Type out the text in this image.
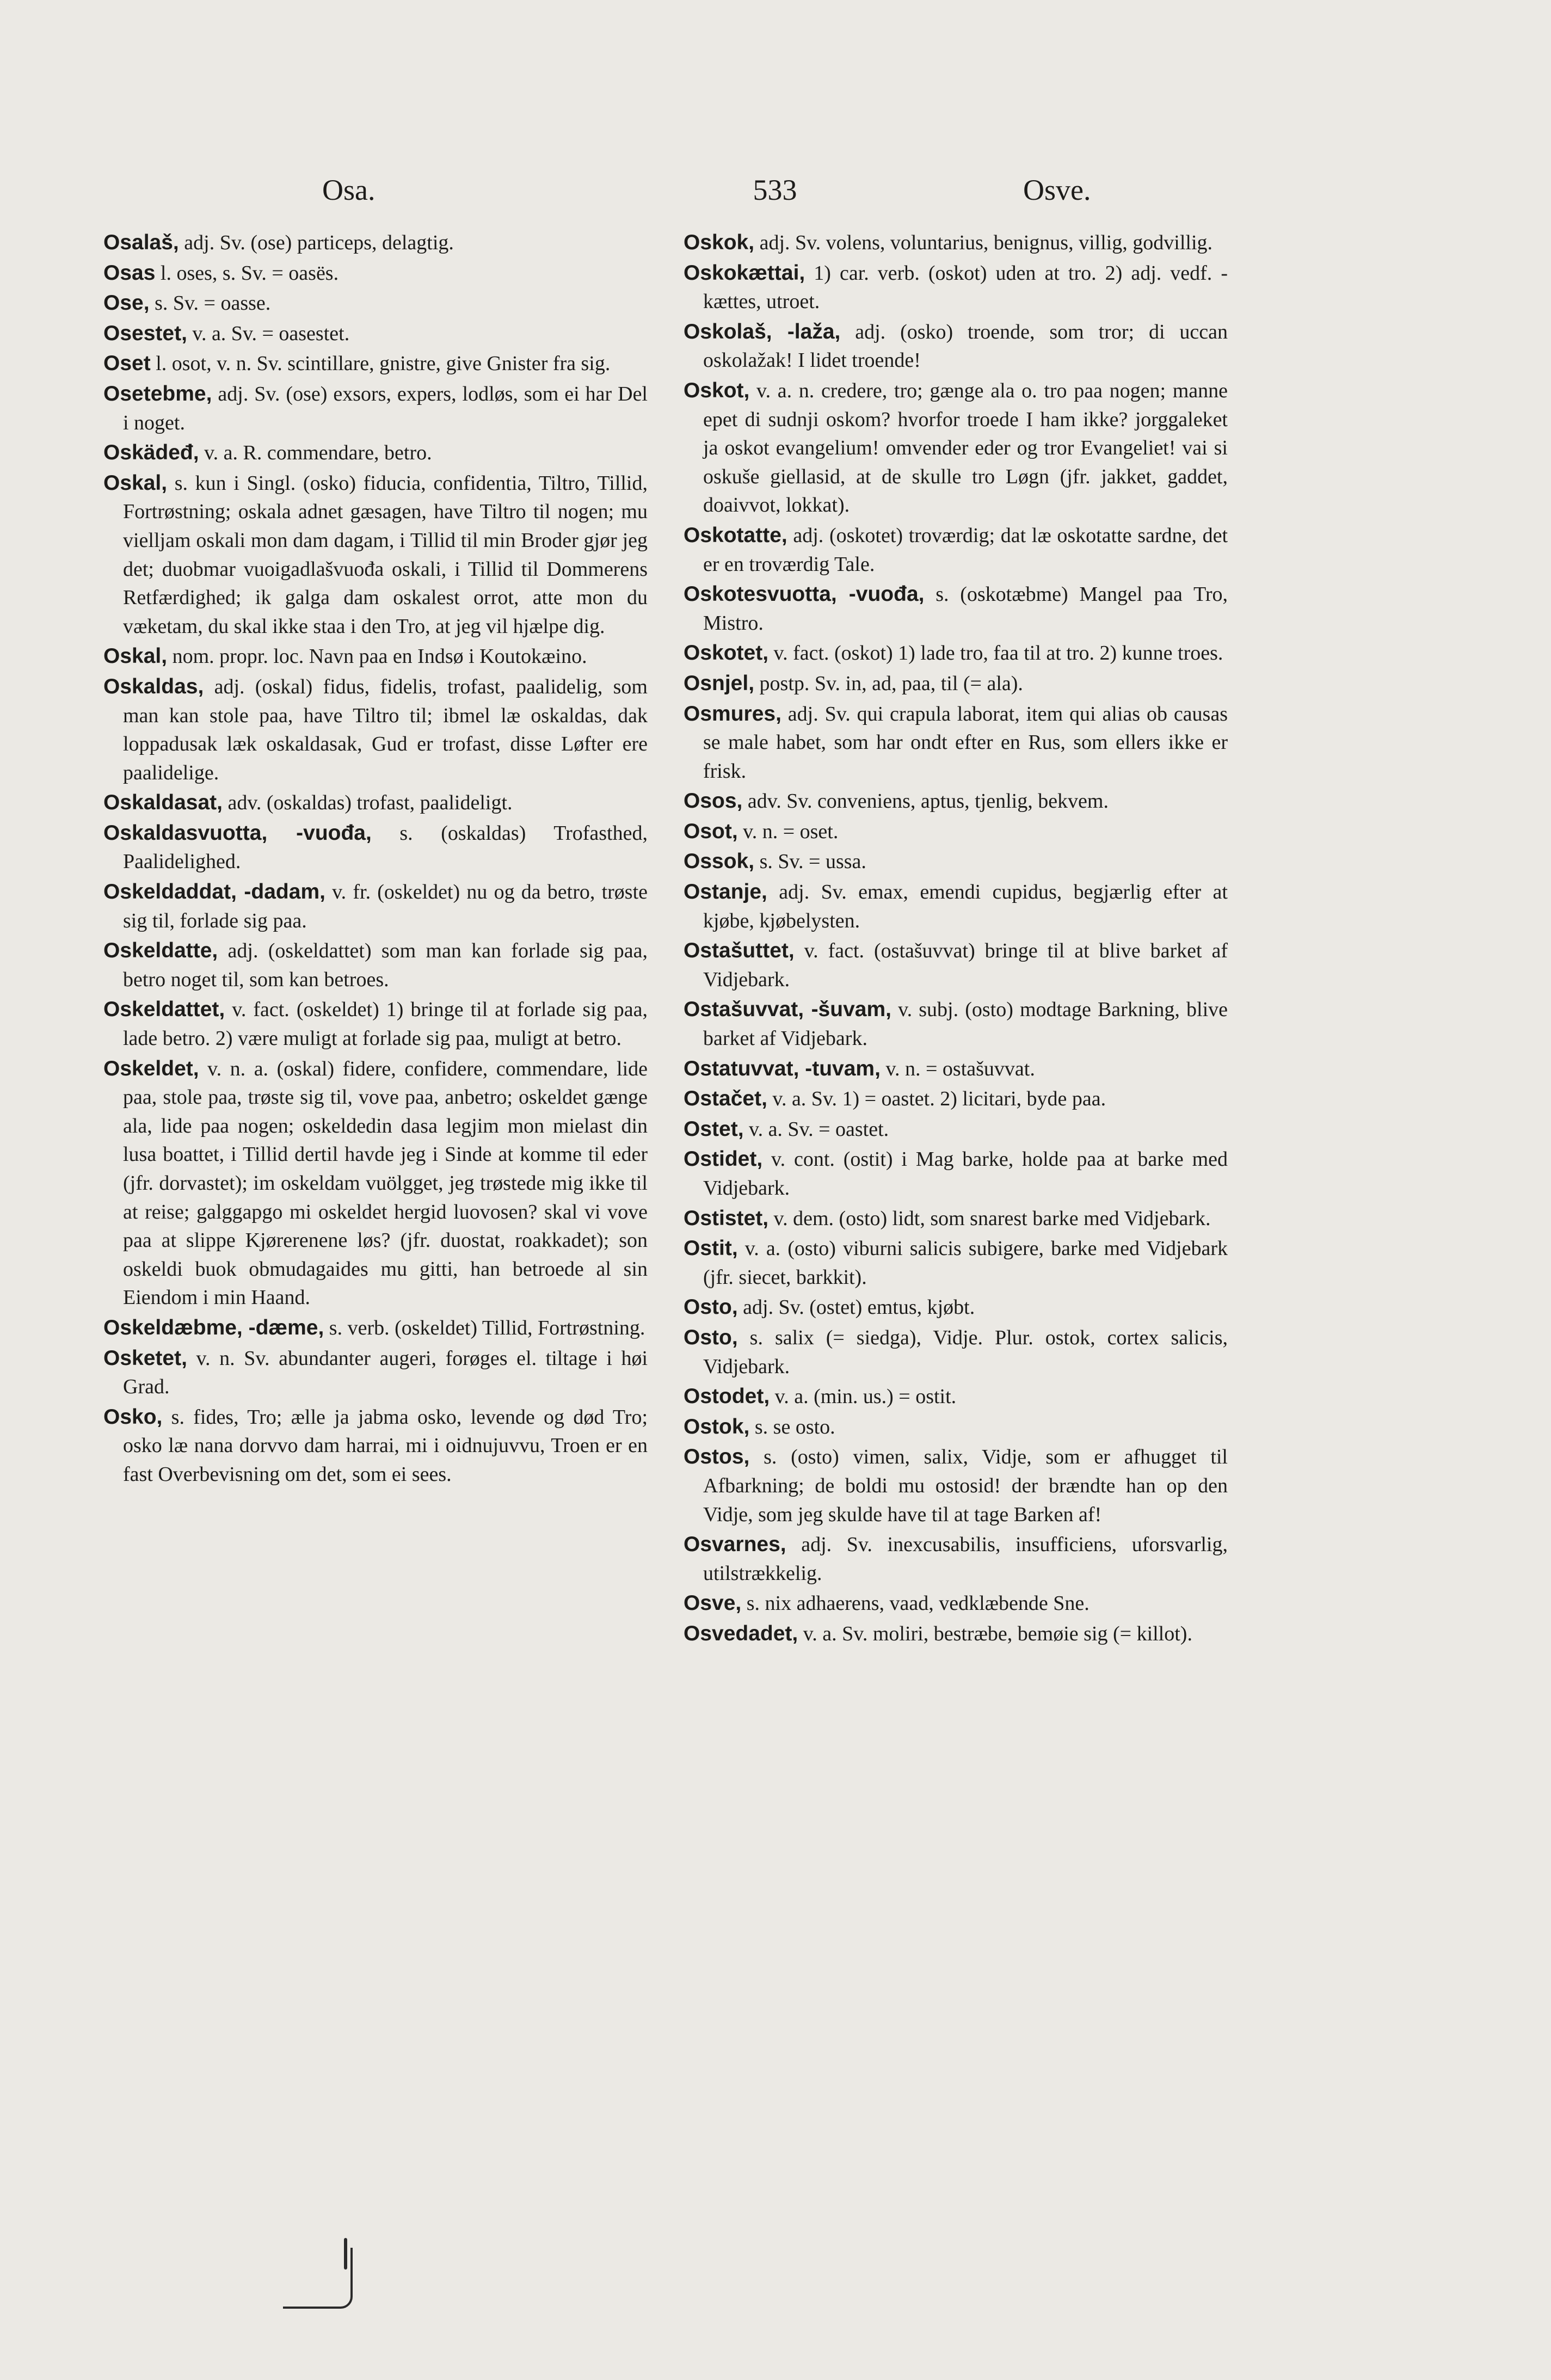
Osa.	533	Osve.

Osalaš, adj. Sv. (ose) particeps, delagtig.

Osas l. oses, s. Sv. = oasës.

Ose, s. Sv. = oasse.

Osestet, v. a. Sv. = oasestet.

Oset l. osot, v. n. Sv. scintillare, gnistre, give Gnister fra sig.

Osetebme, adj. Sv. (ose) exsors, expers, lodløs, som ei har Del i noget.

Oskädeđ, v. a. R. commendare, betro.

Oskal, s. kun i Singl. (osko) fiducia, confidentia, Tiltro, Tillid, Fortrøstning; oskala adnet gæsagen, have Tiltro til nogen; mu vielljam oskali mon dam dagam, i Tillid til min Broder gjør jeg det; duobmar vuoigadlašvuođa oskali, i Tillid til Dommerens Retfærdighed; ik galga dam oskalest orrot, atte mon du væketam, du skal ikke staa i den Tro, at jeg vil hjælpe dig.

Oskal, nom. propr. loc. Navn paa en Indsø i Koutokæino.

Oskaldas, adj. (oskal) fidus, fidelis, trofast, paalidelig, som man kan stole paa, have Tiltro til; ibmel læ oskaldas, dak loppadusak læk oskaldasak, Gud er trofast, disse Løfter ere paalidelige.

Oskaldasat, adv. (oskaldas) trofast, paalideligt.

Oskaldasvuotta, -vuođa, s. (oskaldas) Trofasthed, Paalidelighed.

Oskeldaddat, -dadam, v. fr. (oskeldet) nu og da betro, trøste sig til, forlade sig paa.

Oskeldatte, adj. (oskeldattet) som man kan forlade sig paa, betro noget til, som kan betroes.

Oskeldattet, v. fact. (oskeldet) 1) bringe til at forlade sig paa, lade betro. 2) være muligt at forlade sig paa, muligt at betro.

Oskeldet, v. n. a. (oskal) fidere, confidere, commendare, lide paa, stole paa, trøste sig til, vove paa, anbetro; oskeldet gænge ala, lide paa nogen; oskeldedin dasa legjim mon mielast din lusa boattet, i Tillid dertil havde jeg i Sinde at komme til eder (jfr. dorvastet); im oskeldam vuölgget, jeg trøstede mig ikke til at reise; galggapgo mi oskeldet hergid luovosen? skal vi vove paa at slippe Kjørerenene løs? (jfr. duostat, roakkadet); son oskeldi buok obmudagaides mu gitti, han betroede al sin Eiendom i min Haand.

Oskeldæbme, -dæme, s. verb. (oskeldet) Tillid, Fortrøstning.

Osketet, v. n. Sv. abundanter augeri, forøges el. tiltage i høi Grad.

Osko, s. fides, Tro; ælle ja jabma osko, levende og død Tro; osko læ nana dorvvo dam harrai, mi i oidnujuvvu, Troen er en fast Overbevisning om det, som ei sees.

Oskok, adj. Sv. volens, voluntarius, benignus, villig, godvillig.

Oskokættai, 1) car. verb. (oskot) uden at tro. 2) adj. vedf. -kættes, utroet.

Oskolaš, -laža, adj. (osko) troende, som tror; di uccan oskolažak! I lidet troende!

Oskot, v. a. n. credere, tro; gænge ala o. tro paa nogen; manne epet di sudnji oskom? hvorfor troede I ham ikke? jorggaleket ja oskot evangelium! omvender eder og tror Evangeliet! vai si oskuše giellasid, at de skulle tro Løgn (jfr. jakket, gaddet, doaivvot, lokkat).

Oskotatte, adj. (oskotet) troværdig; dat læ oskotatte sardne, det er en troværdig Tale.

Oskotesvuotta, -vuođa, s. (oskotæbme) Mangel paa Tro, Mistro.

Oskotet, v. fact. (oskot) 1) lade tro, faa til at tro. 2) kunne troes.

Osnjel, postp. Sv. in, ad, paa, til (= ala).

Osmures, adj. Sv. qui crapula laborat, item qui alias ob causas se male habet, som har ondt efter en Rus, som ellers ikke er frisk.

Osos, adv. Sv. conveniens, aptus, tjenlig, bekvem.

Osot, v. n. = oset.

Ossok, s. Sv. = ussa.

Ostanje, adj. Sv. emax, emendi cupidus, begjærlig efter at kjøbe, kjøbelysten.

Ostašuttet, v. fact. (ostašuvvat) bringe til at blive barket af Vidjebark.

Ostašuvvat, -šuvam, v. subj. (osto) modtage Barkning, blive barket af Vidjebark.

Ostatuvvat, -tuvam, v. n. = ostašuvvat.

Ostačet, v. a. Sv. 1) = oastet. 2) licitari, byde paa.

Ostet, v. a. Sv. = oastet.

Ostidet, v. cont. (ostit) i Mag barke, holde paa at barke med Vidjebark.

Ostistet, v. dem. (osto) lidt, som snarest barke med Vidjebark.

Ostit, v. a. (osto) viburni salicis subigere, barke med Vidjebark (jfr. siecet, barkkit).

Osto, adj. Sv. (ostet) emtus, kjøbt.

Osto, s. salix (= siedga), Vidje. Plur. ostok, cortex salicis, Vidjebark.

Ostodet, v. a. (min. us.) = ostit.

Ostok, s. se osto.

Ostos, s. (osto) vimen, salix, Vidje, som er afhugget til Afbarkning; de boldi mu ostosid! der brændte han op den Vidje, som jeg skulde have til at tage Barken af!

Osvarnes, adj. Sv. inexcusabilis, insufficiens, uforsvarlig, utilstrækkelig.

Osve, s. nix adhaerens, vaad, vedklæbende Sne.

Osvedadet, v. a. Sv. moliri, bestræbe, bemøie sig (= killot).
